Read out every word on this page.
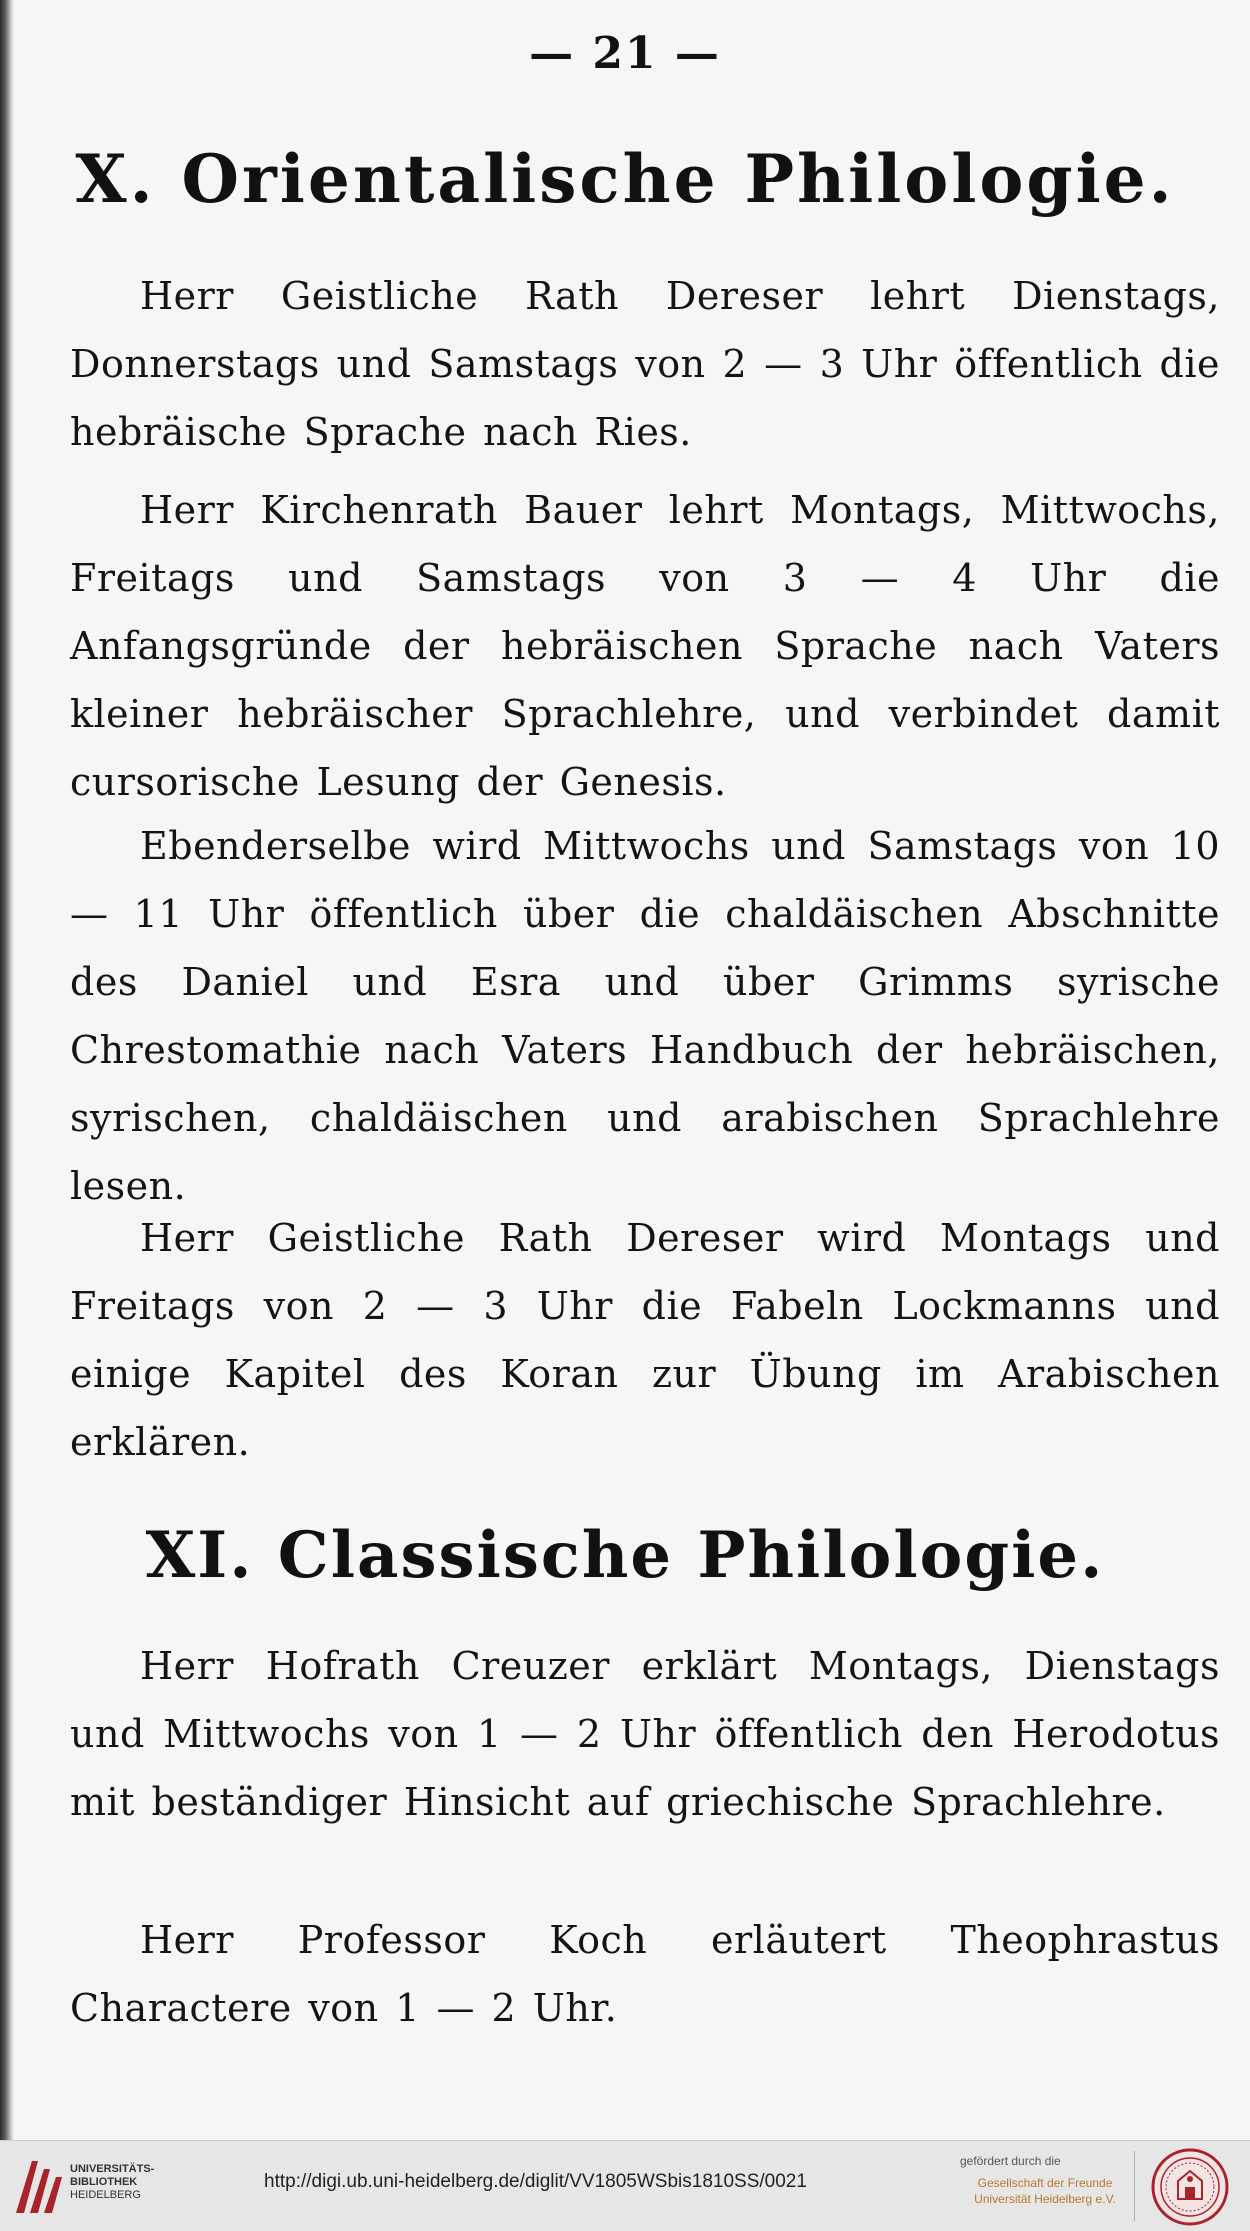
— 21 —
X. Orientalische Philologie.

Herr Geistliche Rath Dereser lehrt Dienstags, Donnerstags und Samstags von 2 — 3 Uhr öffentlich die hebräische Sprache nach Ries.

Herr Kirchenrath Bauer lehrt Montags, Mittwochs, Freitags und Samstags von 3 — 4 Uhr die Anfangsgründe der hebräischen Sprache nach Vaters kleiner hebräischer Sprachlehre, und verbindet damit cursorische Lesung der Genesis.

Ebenderselbe wird Mittwochs und Samstags von 10 — 11 Uhr öffentlich über die chaldäischen Abschnitte des Daniel und Esra und über Grimms syrische Chrestomathie nach Vaters Handbuch der hebräischen, syrischen, chaldäischen und arabischen Sprachlehre lesen.

Herr Geistliche Rath Dereser wird Montags und Freitags von 2 — 3 Uhr die Fabeln Lockmanns und einige Kapitel des Koran zur Übung im Arabischen erklären.

XI. Classische Philologie.

Herr Hofrath Creuzer erklärt Montags, Dienstags und Mittwochs von 1 — 2 Uhr öffentlich den Herodotus mit beständiger Hinsicht auf griechische Sprachlehre.

Herr Professor Koch erläutert Theophrastus Charactere von 1 — 2 Uhr.

UNIVERSITÄTS-
BIBLIOTHEK
HEIDELBERG
http://digi.ub.uni-heidelberg.de/diglit/VV1805WSbis1810SS/0021
gefördert durch die
Gesellschaft der Freunde
Universität Heidelberg e.V.
